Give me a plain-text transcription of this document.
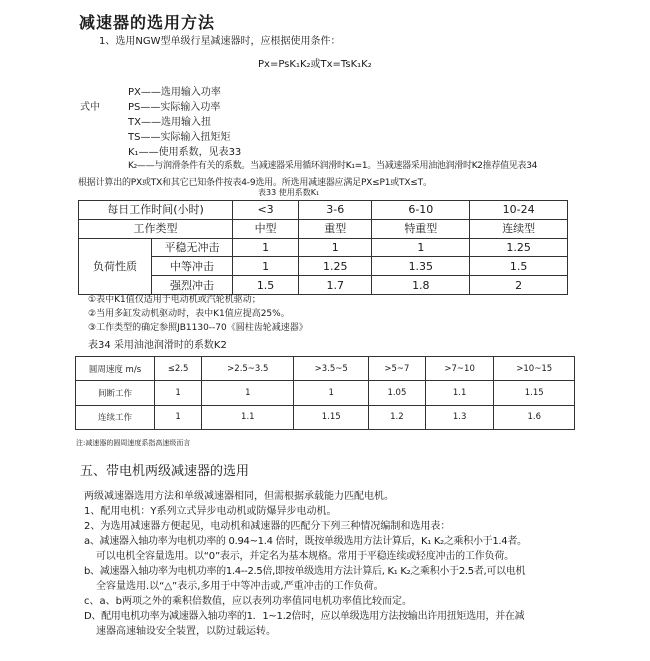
减速器的选用方法
1、选用NGW型单级行星减速器时，应根据使用条件：
Px=PsK₁K₂或Tx=TsK₁K₂
式中
PX——选用输入功率
PS——实际输入功率
TX——选用输入扭
TS——实际输入扭矩矩
K₁——使用系数，见表33
K₂——与润滑条件有关的系数。当减速器采用循环润滑时K₁=1。当减速器采用油池润滑时K2推荐值见表34
根据计算出的PX或TX和其它已知条件按表4-9选用。所选用减速器应满足PX≤P1或TX≤T。
表33 使用系数K₁
每日工作时间(小时)		<3	3-6	6-10	10-24
工作类型		中型	重型	特重型	连续型
负荷性质	平稳无冲击	1	1	1	1.25
	中等冲击	1	1.25	1.35	1.5
	强烈冲击	1.5	1.7	1.8	2
①表中K1值仅适用于电动机或汽轮机驱动；
②当用多缸发动机驱动时，表中K1值应提高25%。
③工作类型的确定参照JB1130--70《圆柱齿轮减速器》
表34 采用油池润滑时的系数K2
圆周速度 m/s	≤2.5	>2.5~3.5	>3.5~5	>5~7	>7~10	>10~15
间断工作	1	1	1	1.05	1.1	1.15
连续工作	1	1.1	1.15	1.2	1.3	1.6
注:减速器的圆周速度系指高速级而言
五、带电机两级减速器的选用
两级减速器选用方法和单级减速器相同，但需根据承载能力匹配电机。
1、配用电机：Y系列立式异步电动机或防爆异步电动机。
2、为选用减速器方便起见，电动机和减速器的匹配分下列三种情况编制和选用表：
a、减速器入轴功率为电机功率的 0.94~1.4 倍时，既按单级选用方法计算后，K₁ K₂之乘积小于1.4者。
可以电机全容量选用。以“0”表示，并定名为基本规格。常用于平稳连续或轻度冲击的工作负荷。
b、减速器入轴功率为电机功率的1.4--2.5倍,即按单级选用方法计算后, K₁ K₂之乘积小于2.5者,可以电机
全容量选用.以“△”表示,多用于中等冲击或,严重冲击的工作负荷。
c、a、b两项之外的乘积倍数值，应以表列功率值同电机功率值比较而定。
D、配用电机功率为减速器入轴功率的1．1~1.2倍时，应以单级选用方法按输出许用扭矩选用，并在减
速器高速轴设安全装置，以防过载运转。
